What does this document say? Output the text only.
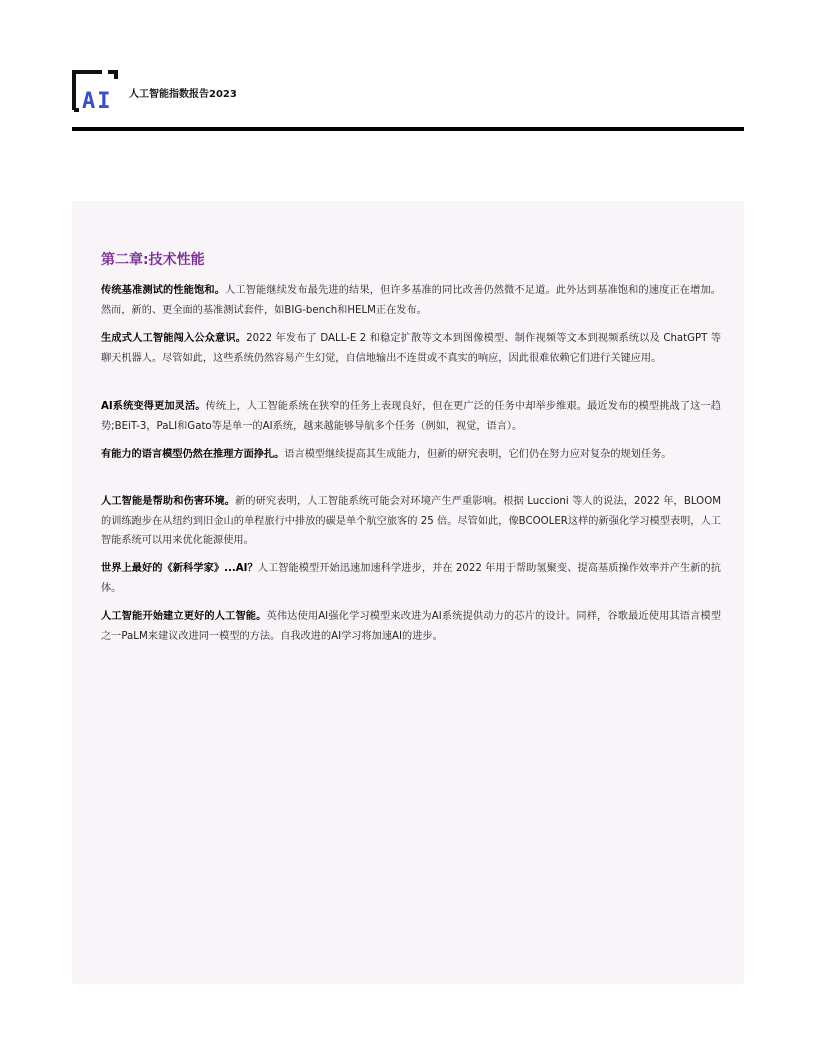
AI 人工智能指数报告2023
第二章:技术性能
传统基准测试的性能饱和。人工智能继续发布最先进的结果，但许多基准的同比改善仍然微不足道。此外达到基准饱和的速度正在增加。然而，新的、更全面的基准测试套件，如BIG-bench和HELM正在发布。
生成式人工智能闯入公众意识。2022 年发布了 DALL-E 2 和稳定扩散等文本到图像模型、制作视频等文本到视频系统以及 ChatGPT 等聊天机器人。尽管如此，这些系统仍然容易产生幻觉，自信地输出不连贯或不真实的响应，因此很难依赖它们进行关键应用。
AI系统变得更加灵活。传统上，人工智能系统在狭窄的任务上表现良好，但在更广泛的任务中却举步维艰。最近发布的模型挑战了这一趋势;BEiT-3，PaLI和Gato等是单一的AI系统，越来越能够导航多个任务（例如，视觉，语言）。
有能力的语言模型仍然在推理方面挣扎。语言模型继续提高其生成能力，但新的研究表明，它们仍在努力应对复杂的规划任务。
人工智能是帮助和伤害环境。新的研究表明，人工智能系统可能会对环境产生严重影响。根据 Luccioni 等人的说法，2022 年，BLOOM 的训练跑步在从纽约到旧金山的单程旅行中排放的碳是单个航空旅客的 25 倍。尽管如此，像BCOOLER这样的新强化学习模型表明，人工智能系统可以用来优化能源使用。
世界上最好的《新科学家》...AI？人工智能模型开始迅速加速科学进步，并在 2022 年用于帮助氢聚变、提高基质操作效率并产生新的抗体。
人工智能开始建立更好的人工智能。英伟达使用AI强化学习模型来改进为AI系统提供动力的芯片的设计。同样，谷歌最近使用其语言模型之一PaLM来建议改进同一模型的方法。自我改进的AI学习将加速AI的进步。
